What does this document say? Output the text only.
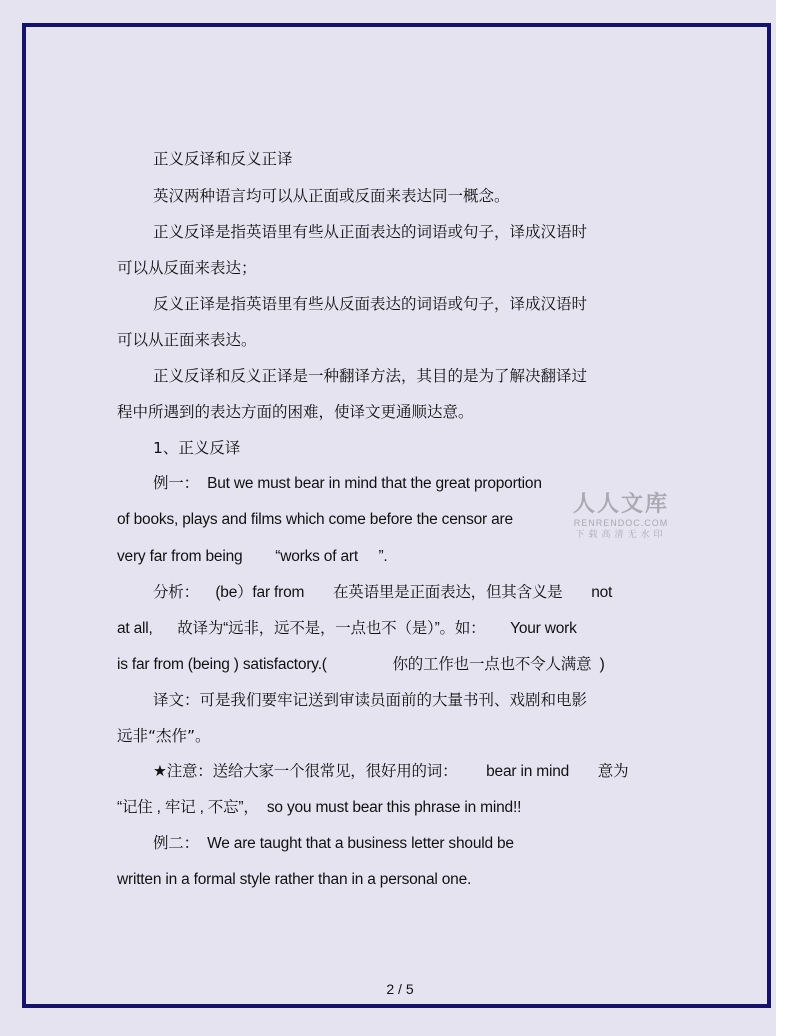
正义反译和反义正译
英汉两种语言均可以从正面或反面来表达同一概念。
正义反译是指英语里有些从正面表达的词语或句子，译成汉语时
可以从反面来表达；
反义正译是指英语里有些从反面表达的词语或句子，译成汉语时
可以从正面来表达。
正义反译和反义正译是一种翻译方法，其目的是为了解决翻译过
程中所遇到的表达方面的困难，使译文更通顺达意。
1、正义反译
例一：  But we must bear in mind that the great proportion
of books, plays and films which come before the censor are
very far from being        “works of art     ”.
分析：    (be）far from       在英语里是正面表达，但其含义是       not
at all,      故译为“远非，远不是，一点也不（是）”。如：      Your work
is far from (being ) satisfactory.(                你的工作也一点也不令人满意  )
译文：可是我们要牢记送到审读员面前的大量书刊、戏剧和电影
远非“杰作”。
★注意：送给大家一个很常见，很好用的词：       bear in mind       意为
“记住 , 牢记 , 不忘”，  so you must bear this phrase in mind!!
例二：  We are taught that a business letter should be
written in a formal style rather than in a personal one.
人人文库
RENRENDOC.COM
下载高清无水印
2 / 5
